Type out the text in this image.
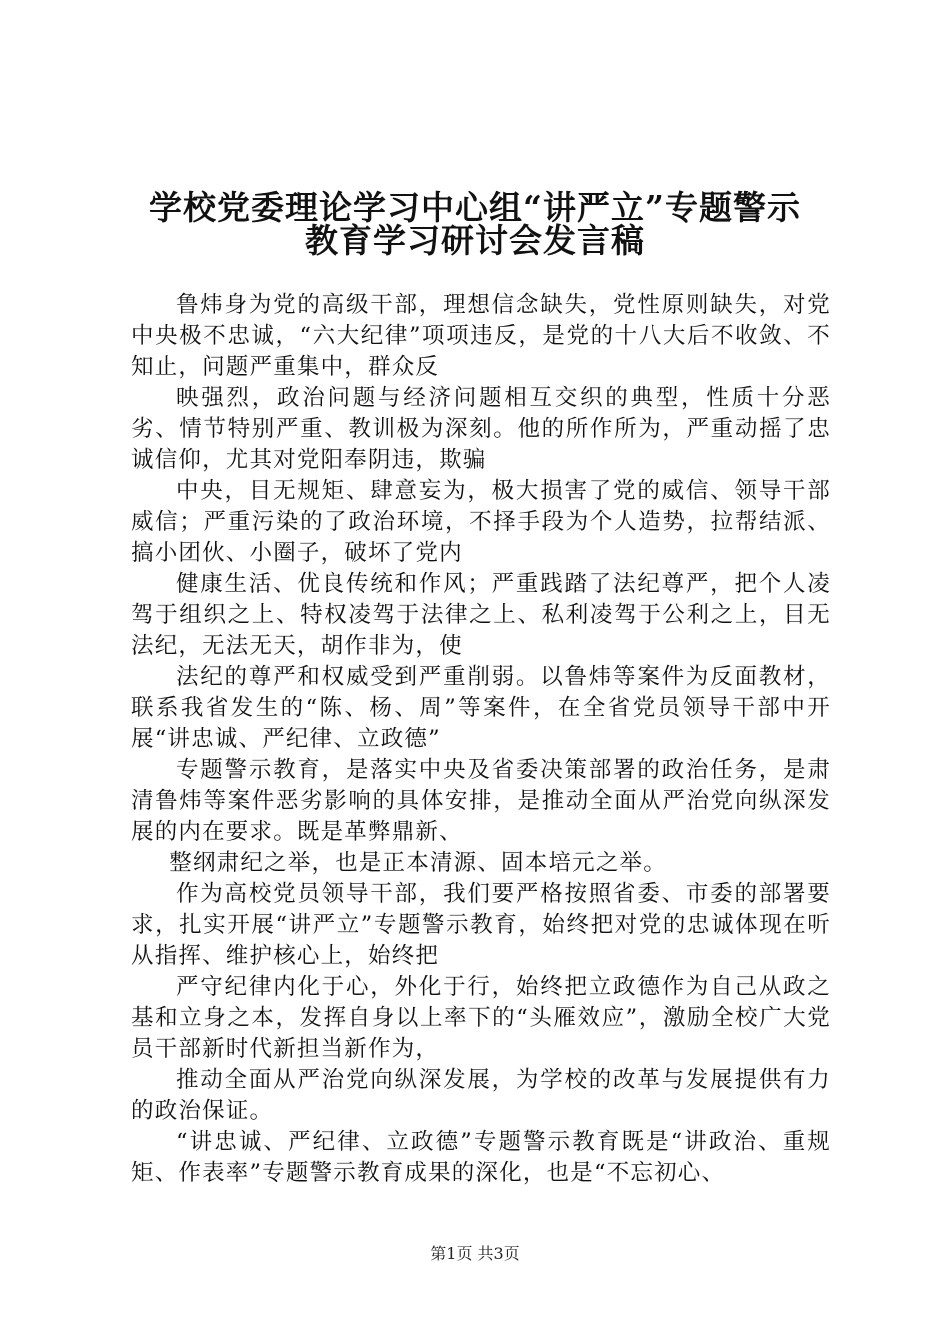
学校党委理论学习中心组“讲严立”专题警示
教育学习研讨会发言稿

鲁炜身为党的高级干部，理想信念缺失，党性原则缺失，对党中央极不忠诚，“六大纪律”项项违反，是党的十八大后不收敛、不知止，问题严重集中，群众反

映强烈，政治问题与经济问题相互交织的典型，性质十分恶劣、情节特别严重、教训极为深刻。他的所作所为，严重动摇了忠诚信仰，尤其对党阳奉阴违，欺骗

中央，目无规矩、肆意妄为，极大损害了党的威信、领导干部威信；严重污染的了政治环境，不择手段为个人造势，拉帮结派、搞小团伙、小圈子，破坏了党内

健康生活、优良传统和作风；严重践踏了法纪尊严，把个人凌驾于组织之上、特权凌驾于法律之上、私利凌驾于公利之上，目无法纪，无法无天，胡作非为，使

法纪的尊严和权威受到严重削弱。以鲁炜等案件为反面教材，联系我省发生的“陈、杨、周”等案件，在全省党员领导干部中开展“讲忠诚、严纪律、立政德”

专题警示教育，是落实中央及省委决策部署的政治任务，是肃清鲁炜等案件恶劣影响的具体安排，是推动全面从严治党向纵深发展的内在要求。既是革弊鼎新、

整纲肃纪之举，也是正本清源、固本培元之举。

作为高校党员领导干部，我们要严格按照省委、市委的部署要求，扎实开展“讲严立”专题警示教育，始终把对党的忠诚体现在听从指挥、维护核心上，始终把

严守纪律内化于心，外化于行，始终把立政德作为自己从政之基和立身之本，发挥自身以上率下的“头雁效应”，激励全校广大党员干部新时代新担当新作为，

推动全面从严治党向纵深发展，为学校的改革与发展提供有力的政治保证。

“讲忠诚、严纪律、立政德”专题警示教育既是“讲政治、重规矩、作表率”专题警示教育成果的深化，也是“不忘初心、

第1页 共3页
